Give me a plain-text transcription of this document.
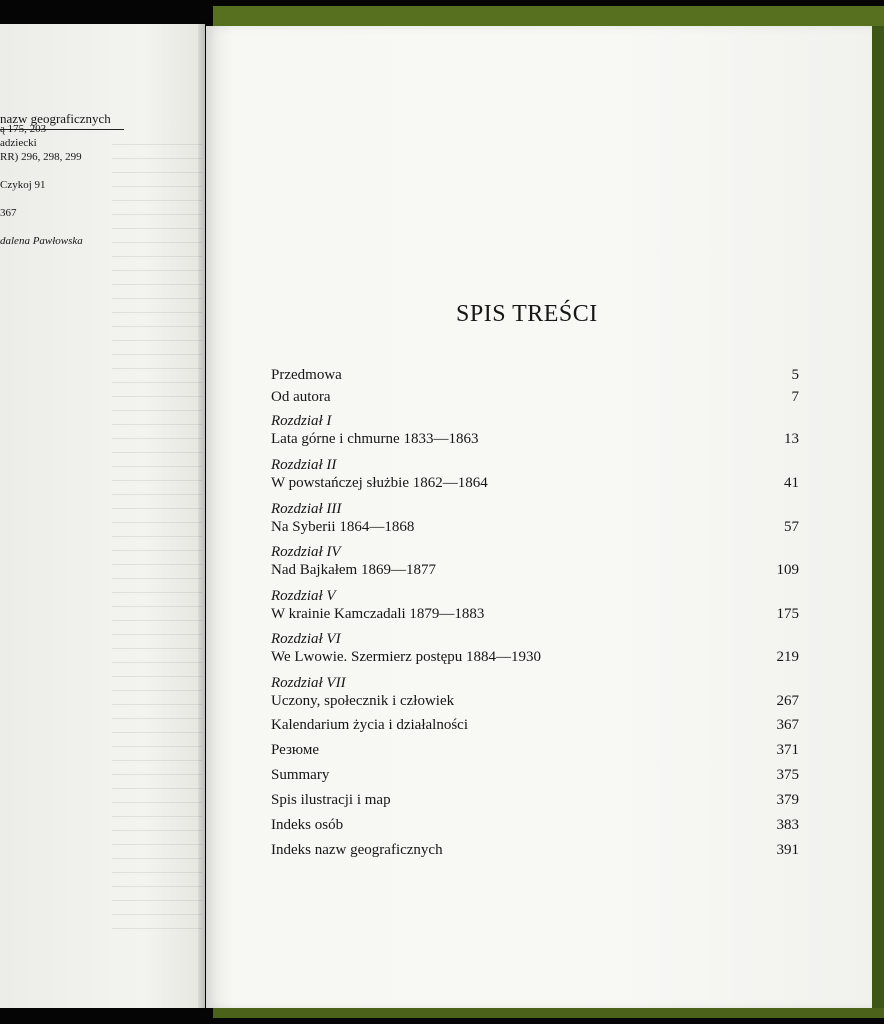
nazw geograficznych
ą 175, 203
adziecki
RR) 296, 298, 299
Czykoj 91
367
dalena Pawłowska
SPIS TREŚCI
Przedmowa	5
Od autora	7
Rozdział I
Lata górne i chmurne 1833—1863	13
Rozdział II
W powstańczej służbie 1862—1864	41
Rozdział III
Na Syberii 1864—1868	57
Rozdział IV
Nad Bajkałem 1869—1877	109
Rozdział V
W krainie Kamczadali 1879—1883	175
Rozdział VI
We Lwowie. Szermierz postępu 1884—1930	219
Rozdział VII
Uczony, społecznik i człowiek	267
Kalendarium życia i działalności	367
Резюме	371
Summary	375
Spis ilustracji i map	379
Indeks osób	383
Indeks nazw geograficznych	391
